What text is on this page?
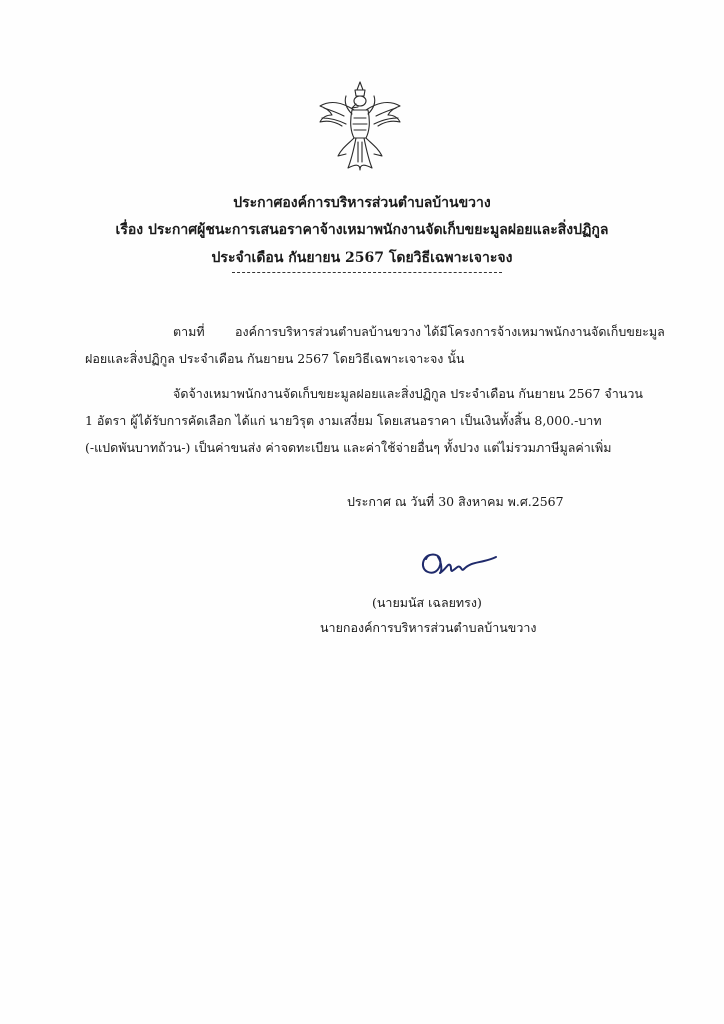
ประกาศองค์การบริหารส่วนตำบลบ้านขวาง
เรื่อง ประกาศผู้ชนะการเสนอราคาจ้างเหมาพนักงานจัดเก็บขยะมูลฝอยและสิ่งปฏิกูล
ประจำเดือน กันยายน 2567 โดยวิธีเฉพาะเจาะจง
ตามที่ องค์การบริหารส่วนตำบลบ้านขวาง ได้มีโครงการจ้างเหมาพนักงานจัดเก็บขยะมูล
ฝอยและสิ่งปฏิกูล ประจำเดือน กันยายน 2567 โดยวิธีเฉพาะเจาะจง นั้น
จัดจ้างเหมาพนักงานจัดเก็บขยะมูลฝอยและสิ่งปฏิกูล ประจำเดือน กันยายน 2567 จำนวน
1 อัตรา ผู้ได้รับการคัดเลือก ได้แก่ นายวิรุต งามเสงี่ยม โดยเสนอราคา เป็นเงินทั้งสิ้น 8,000.-บาท
(-แปดพันบาทถ้วน-) เป็นค่าขนส่ง ค่าจดทะเบียน และค่าใช้จ่ายอื่นๆ ทั้งปวง แต่ไม่รวมภาษีมูลค่าเพิ่ม
ประกาศ ณ วันที่ 30 สิงหาคม พ.ศ.2567
(นายมนัส เฉลยทรง)
นายกองค์การบริหารส่วนตำบลบ้านขวาง
